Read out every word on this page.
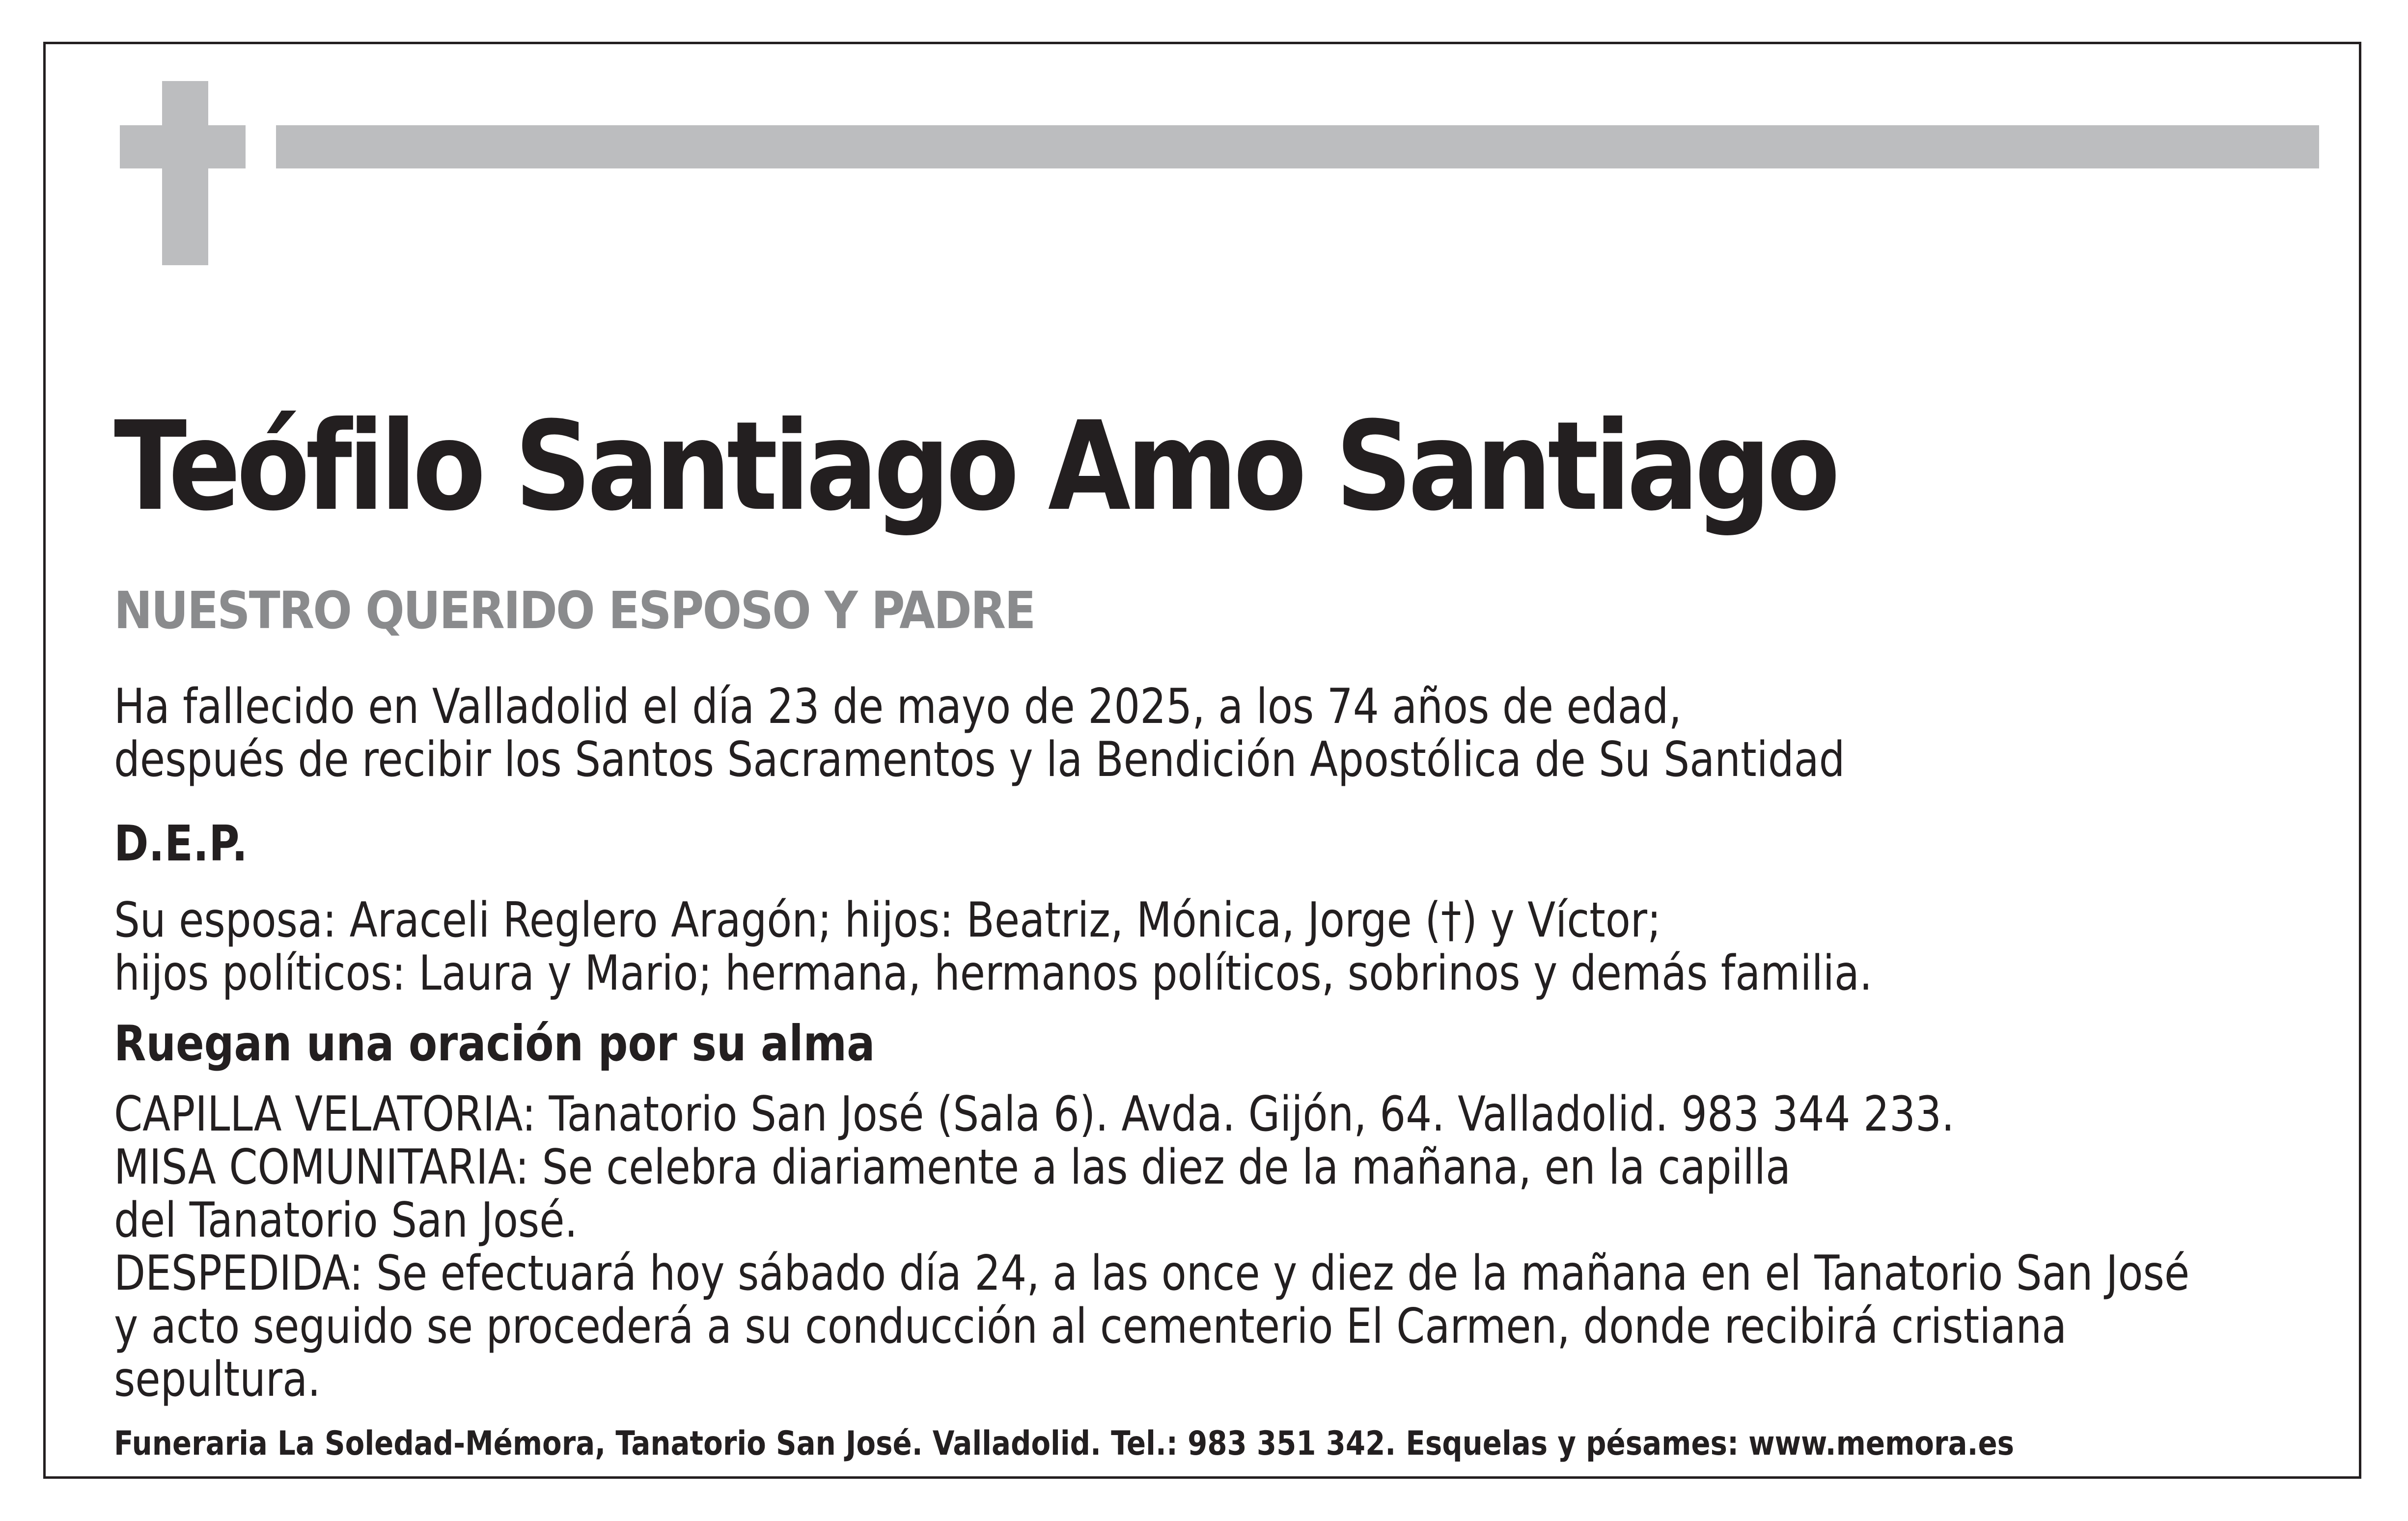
Teófilo Santiago Amo Santiago
NUESTRO QUERIDO ESPOSO Y PADRE
Ha fallecido en Valladolid el día 23 de mayo de 2025, a los 74 años de edad,
después de recibir los Santos Sacramentos y la Bendición Apostólica de Su Santidad
D.E.P.
Su esposa: Araceli Reglero Aragón; hijos: Beatriz, Mónica, Jorge (†) y Víctor;
hijos políticos: Laura y Mario; hermana, hermanos políticos, sobrinos y demás familia.
Ruegan una oración por su alma
CAPILLA VELATORIA: Tanatorio San José (Sala 6). Avda. Gijón, 64. Valladolid. 983 344 233.
MISA COMUNITARIA: Se celebra diariamente a las diez de la mañana, en la capilla
del Tanatorio San José.
DESPEDIDA: Se efectuará hoy sábado día 24, a las once y diez de la mañana en el Tanatorio San José
y acto seguido se procederá a su conducción al cementerio El Carmen, donde recibirá cristiana
sepultura.
Funeraria La Soledad-Mémora, Tanatorio San José. Valladolid. Tel.: 983 351 342. Esquelas y pésames: www.memora.es
